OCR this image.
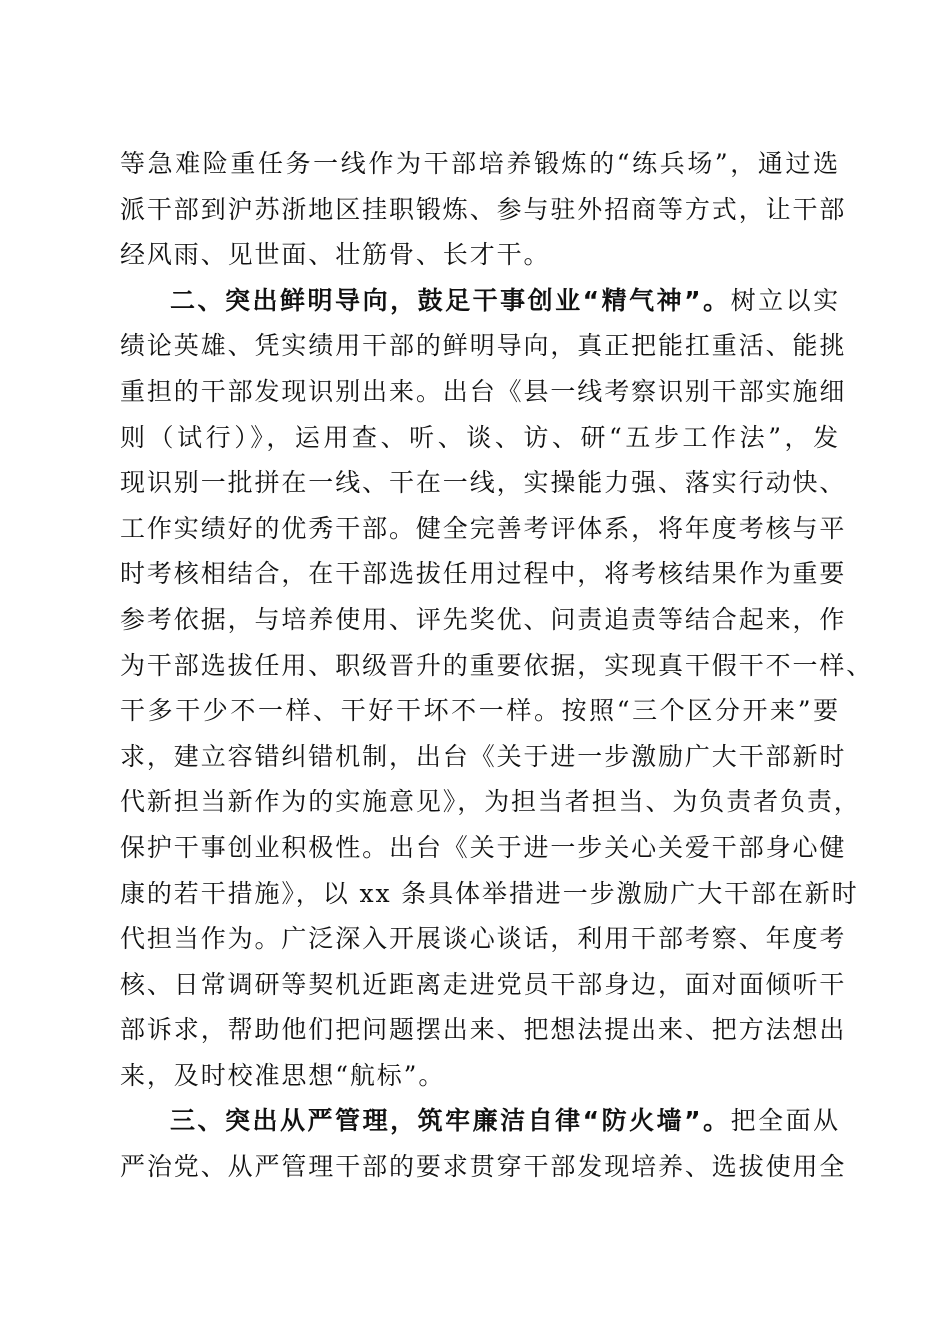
等急难险重任务一线作为干部培养锻炼的“练兵场”，通过选
派干部到沪苏浙地区挂职锻炼、参与驻外招商等方式，让干部
经风雨、见世面、壮筋骨、长才干。
二、突出鲜明导向，鼓足干事创业“精气神”。树立以实
绩论英雄、凭实绩用干部的鲜明导向，真正把能扛重活、能挑
重担的干部发现识别出来。出台《县一线考察识别干部实施细
则（试行）》，运用查、听、谈、访、研“五步工作法”，发
现识别一批拼在一线、干在一线，实操能力强、落实行动快、
工作实绩好的优秀干部。健全完善考评体系，将年度考核与平
时考核相结合，在干部选拔任用过程中，将考核结果作为重要
参考依据，与培养使用、评先奖优、问责追责等结合起来，作
为干部选拔任用、职级晋升的重要依据，实现真干假干不一样、
干多干少不一样、干好干坏不一样。按照“三个区分开来”要
求，建立容错纠错机制，出台《关于进一步激励广大干部新时
代新担当新作为的实施意见》，为担当者担当、为负责者负责，
保护干事创业积极性。出台《关于进一步关心关爱干部身心健
康的若干措施》，以 xx 条具体举措进一步激励广大干部在新时
代担当作为。广泛深入开展谈心谈话，利用干部考察、年度考
核、日常调研等契机近距离走进党员干部身边，面对面倾听干
部诉求，帮助他们把问题摆出来、把想法提出来、把方法想出
来，及时校准思想“航标”。
三、突出从严管理，筑牢廉洁自律“防火墙”。把全面从
严治党、从严管理干部的要求贯穿干部发现培养、选拔使用全
